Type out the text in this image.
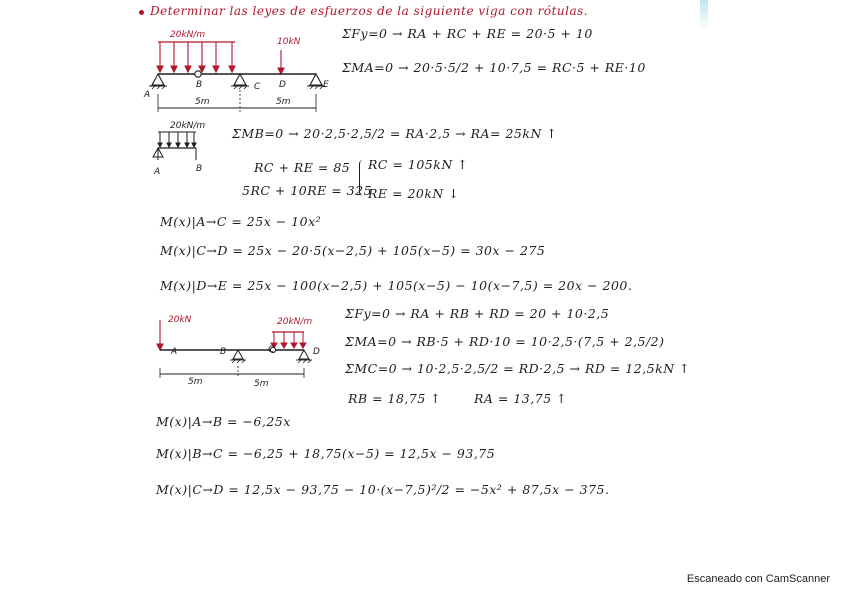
Determinar las leyes de esfuerzos de la siguiente viga con rótulas.
20kN/m
10kN
A
B	C D	E
5m	5m
ΣFy=0 → RA + RC + RE = 20·5 + 10
ΣMA=0 → 20·5·5/2 + 10·7,5 = RC·5 + RE·10
20kN/m
A	B
ΣMB=0 → 20·2,5·2,5/2 = RA·2,5 → RA= 25kN ↑
RC + RE = 85
5RC + 10RE = 325
RC = 105kN ↑
RE = 20kN ↓
M(x)|A→C = 25x − 10x²
M(x)|C→D = 25x − 20·5(x−2,5) + 105(x−5) = 30x − 275
M(x)|D→E = 25x − 100(x−2,5) + 105(x−5) − 10(x−7,5) = 20x − 200.
20kN	20kN/m
A	B	C	D
5m	5m
ΣFy=0 → RA + RB + RD = 20 + 10·2,5
ΣMA=0 → RB·5 + RD·10 = 10·2,5·(7,5 + 2,5/2)
ΣMC=0 → 10·2,5·2,5/2 = RD·2,5 → RD = 12,5kN ↑
RB = 18,75 ↑	RA = 13,75 ↑
M(x)|A→B = −6,25x
M(x)|B→C = −6,25 + 18,75(x−5) = 12,5x − 93,75
M(x)|C→D = 12,5x − 93,75 − 10·(x−7,5)²/2 = −5x² + 87,5x − 375.
Escaneado con CamScanner
